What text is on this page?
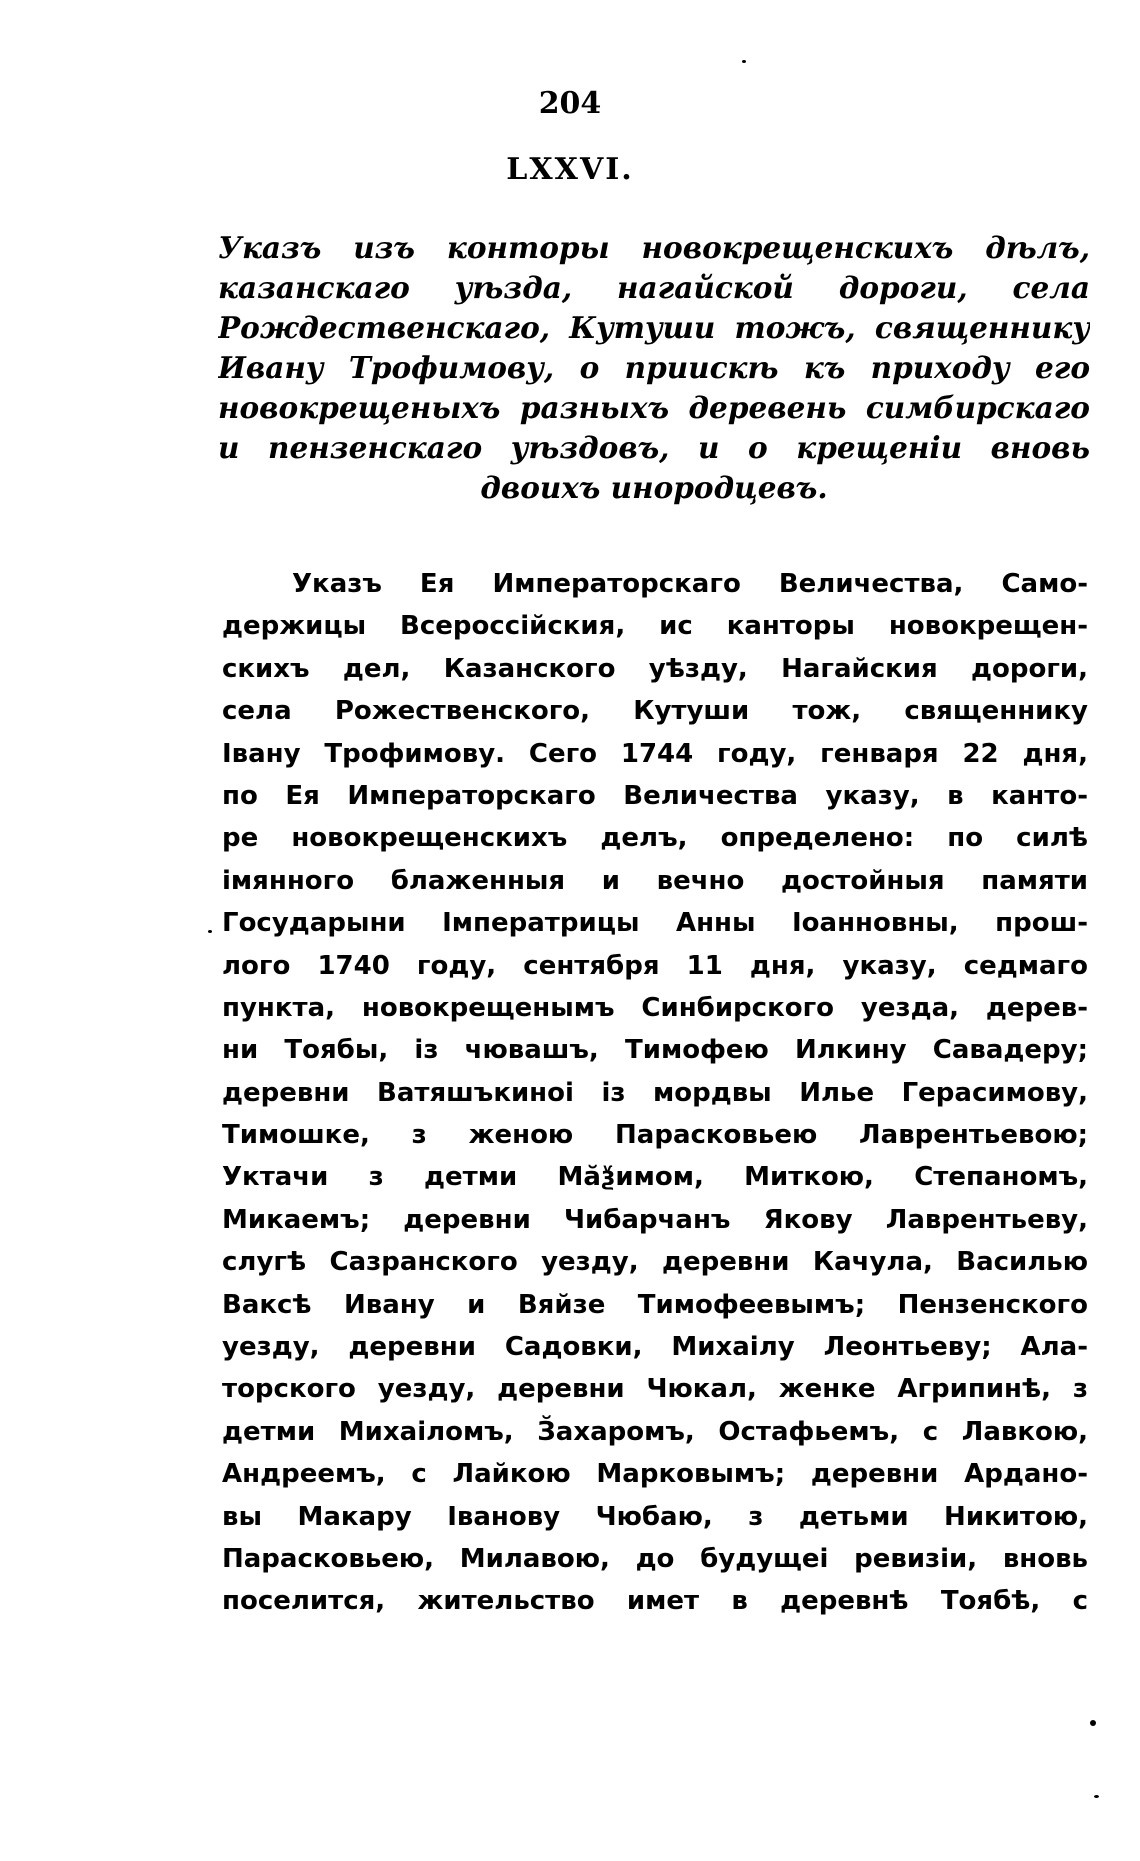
204
LXXVI.
Указъ изъ конторы новокрещенскихъ дѣлъ,
казанскаго уѣзда, нагайской дороги, села
Рождественскаго, Кутуши тожъ, священнику
Ивану Трофимову, о приискѣ къ приходу его
новокрещеныхъ разныхъ деревень симбирскаго
и пензенскаго уѣздовъ, и о крещеніи вновь
двоихъ инородцевъ.
Указъ Ея Императорскаго Величества, Само-
держицы Всероссiйския, ис канторы новокрещен-
скихъ дел, Казанского уѣзду, Нагайския дороги,
села Рожественского, Кутуши тож, священнику
Івану Трофимову. Сего 1744 году, генваря 22 дня,
по Ея Императорскаго Величества указу, в канто-
ре новокрещенскихъ делъ, определено: по силѣ
iмянного блаженныя и вечно достойныя памяти
Государыни Iмператрицы Анны Iоанновны, прош-
лого 1740 году, сентября 11 дня, указу, седмаго
пункта, новокрещенымъ Синбирского уезда, дерев-
ни Тоябы, iз чювашъ, Тимофею Илкину Савадеру;
деревни Ватяшъкиноi iз мордвы Илье Герасимову,
Тимошке, з женою Парасковьею Лаврентьевою;
Уктачи з детми Мӑѯимом, Миткою, Степаномъ,
Микаемъ; деревни Чибарчанъ Якову Лаврентьеву,
слугѣ Сазранского уезду, деревни Качула, Василью
Ваксѣ Ивану и Вяйзе Тимофеевымъ; Пензенского
уезду, деревни Садовки, Михаiлу Леонтьеву; Ала-
торского уезду, деревни Чюкал, женке Агрипинѣ, з
детми Михаiломъ, З̆ахаромъ, Остафьемъ, с Лавкою,
Андреемъ, с Лайкою Марковымъ; деревни Ардано-
вы Макару Iванову Чюбаю, з детьми Никитою,
Парасковьею, Милавою, до будущеi ревизiи, вновь
поселится, жительство имет в деревнѣ Тоябѣ, с
